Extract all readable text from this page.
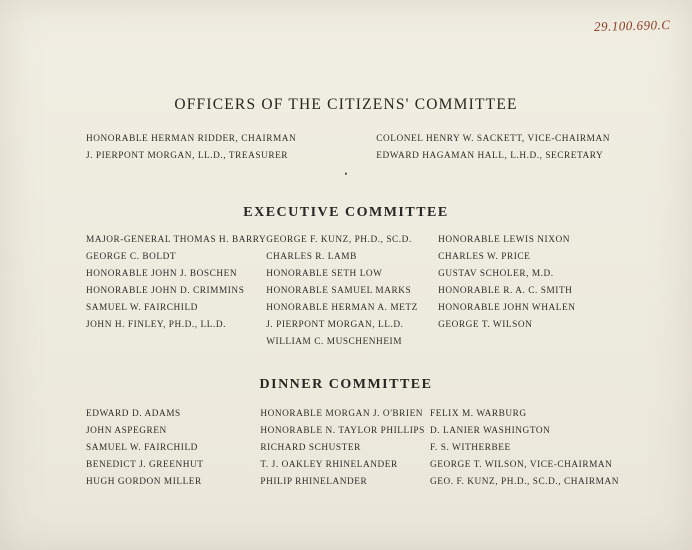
29.100.690.C
OFFICERS OF THE CITIZENS' COMMITTEE
HONORABLE HERMAN RIDDER, CHAIRMAN
J. PIERPONT MORGAN, LL.D., TREASURER
COLONEL HENRY W. SACKETT, VICE-CHAIRMAN
EDWARD HAGAMAN HALL, L.H.D., SECRETARY
•
EXECUTIVE COMMITTEE
MAJOR-GENERAL THOMAS H. BARRY
GEORGE C. BOLDT
HONORABLE JOHN J. BOSCHEN
HONORABLE JOHN D. CRIMMINS
SAMUEL W. FAIRCHILD
JOHN H. FINLEY, PH.D., LL.D.
GEORGE F. KUNZ, PH.D., SC.D.
CHARLES R. LAMB
HONORABLE SETH LOW
HONORABLE SAMUEL MARKS
HONORABLE HERMAN A. METZ
J. PIERPONT MORGAN, LL.D.
WILLIAM C. MUSCHENHEIM
HONORABLE LEWIS NIXON
CHARLES W. PRICE
GUSTAV SCHOLER, M.D.
HONORABLE R. A. C. SMITH
HONORABLE JOHN WHALEN
GEORGE T. WILSON
DINNER COMMITTEE
EDWARD D. ADAMS
JOHN ASPEGREN
SAMUEL W. FAIRCHILD
BENEDICT J. GREENHUT
HUGH GORDON MILLER
HONORABLE MORGAN J. O'BRIEN
HONORABLE N. TAYLOR PHILLIPS
RICHARD SCHUSTER
T. J. OAKLEY RHINELANDER
PHILIP RHINELANDER
FELIX M. WARBURG
D. LANIER WASHINGTON
F. S. WITHERBEE
GEORGE T. WILSON, VICE-CHAIRMAN
GEO. F. KUNZ, PH.D., SC.D., CHAIRMAN
